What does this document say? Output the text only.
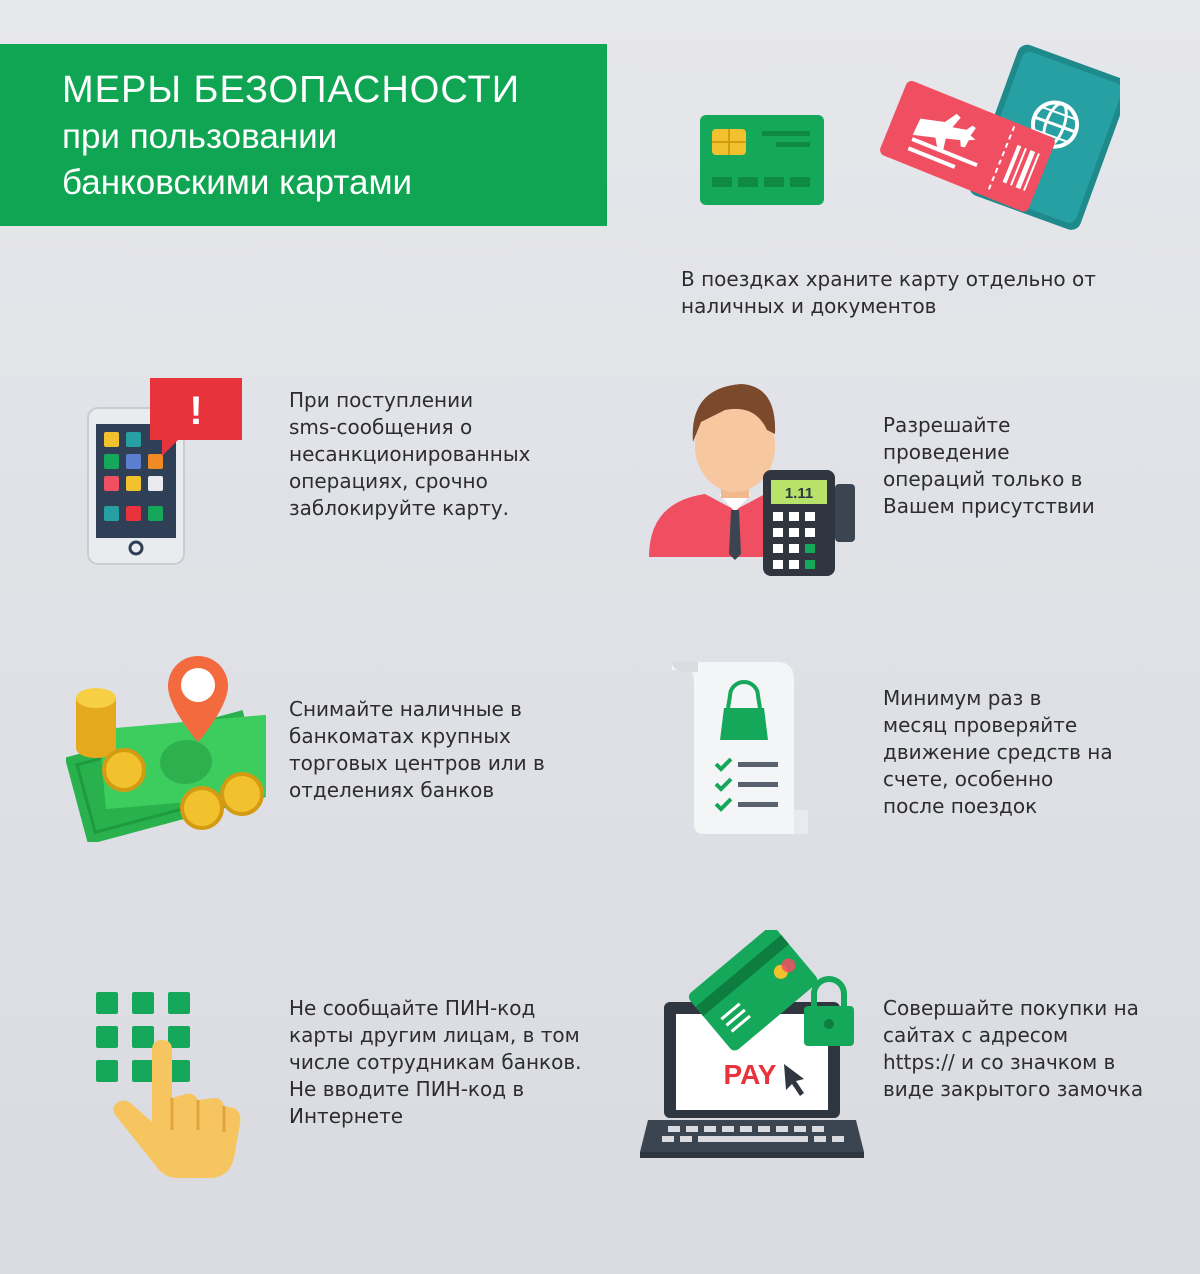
МЕРЫ БЕЗОПАСНОСТИ
при пользовании
банковскими картами
В поездках храните карту отдельно от
наличных и документов
!	При поступлении
sms-сообщения о
несанкционированных
операциях, срочно
заблокируйте карту.
1.11
Разрешайте
проведение
операций только в
Вашем присутствии
Снимайте наличные в
банкоматах крупных
торговых центров или в
отделениях банков
Минимум раз в
месяц проверяйте
движение средств на
счете, особенно
после поездок
Не сообщайте ПИН-код
карты другим лицам, в том
числе сотрудникам банков.
Не вводите ПИН-код в
Интернете
PAY
Совершайте покупки на
сайтах с адресом
https:// и со значком в
виде закрытого замочка
